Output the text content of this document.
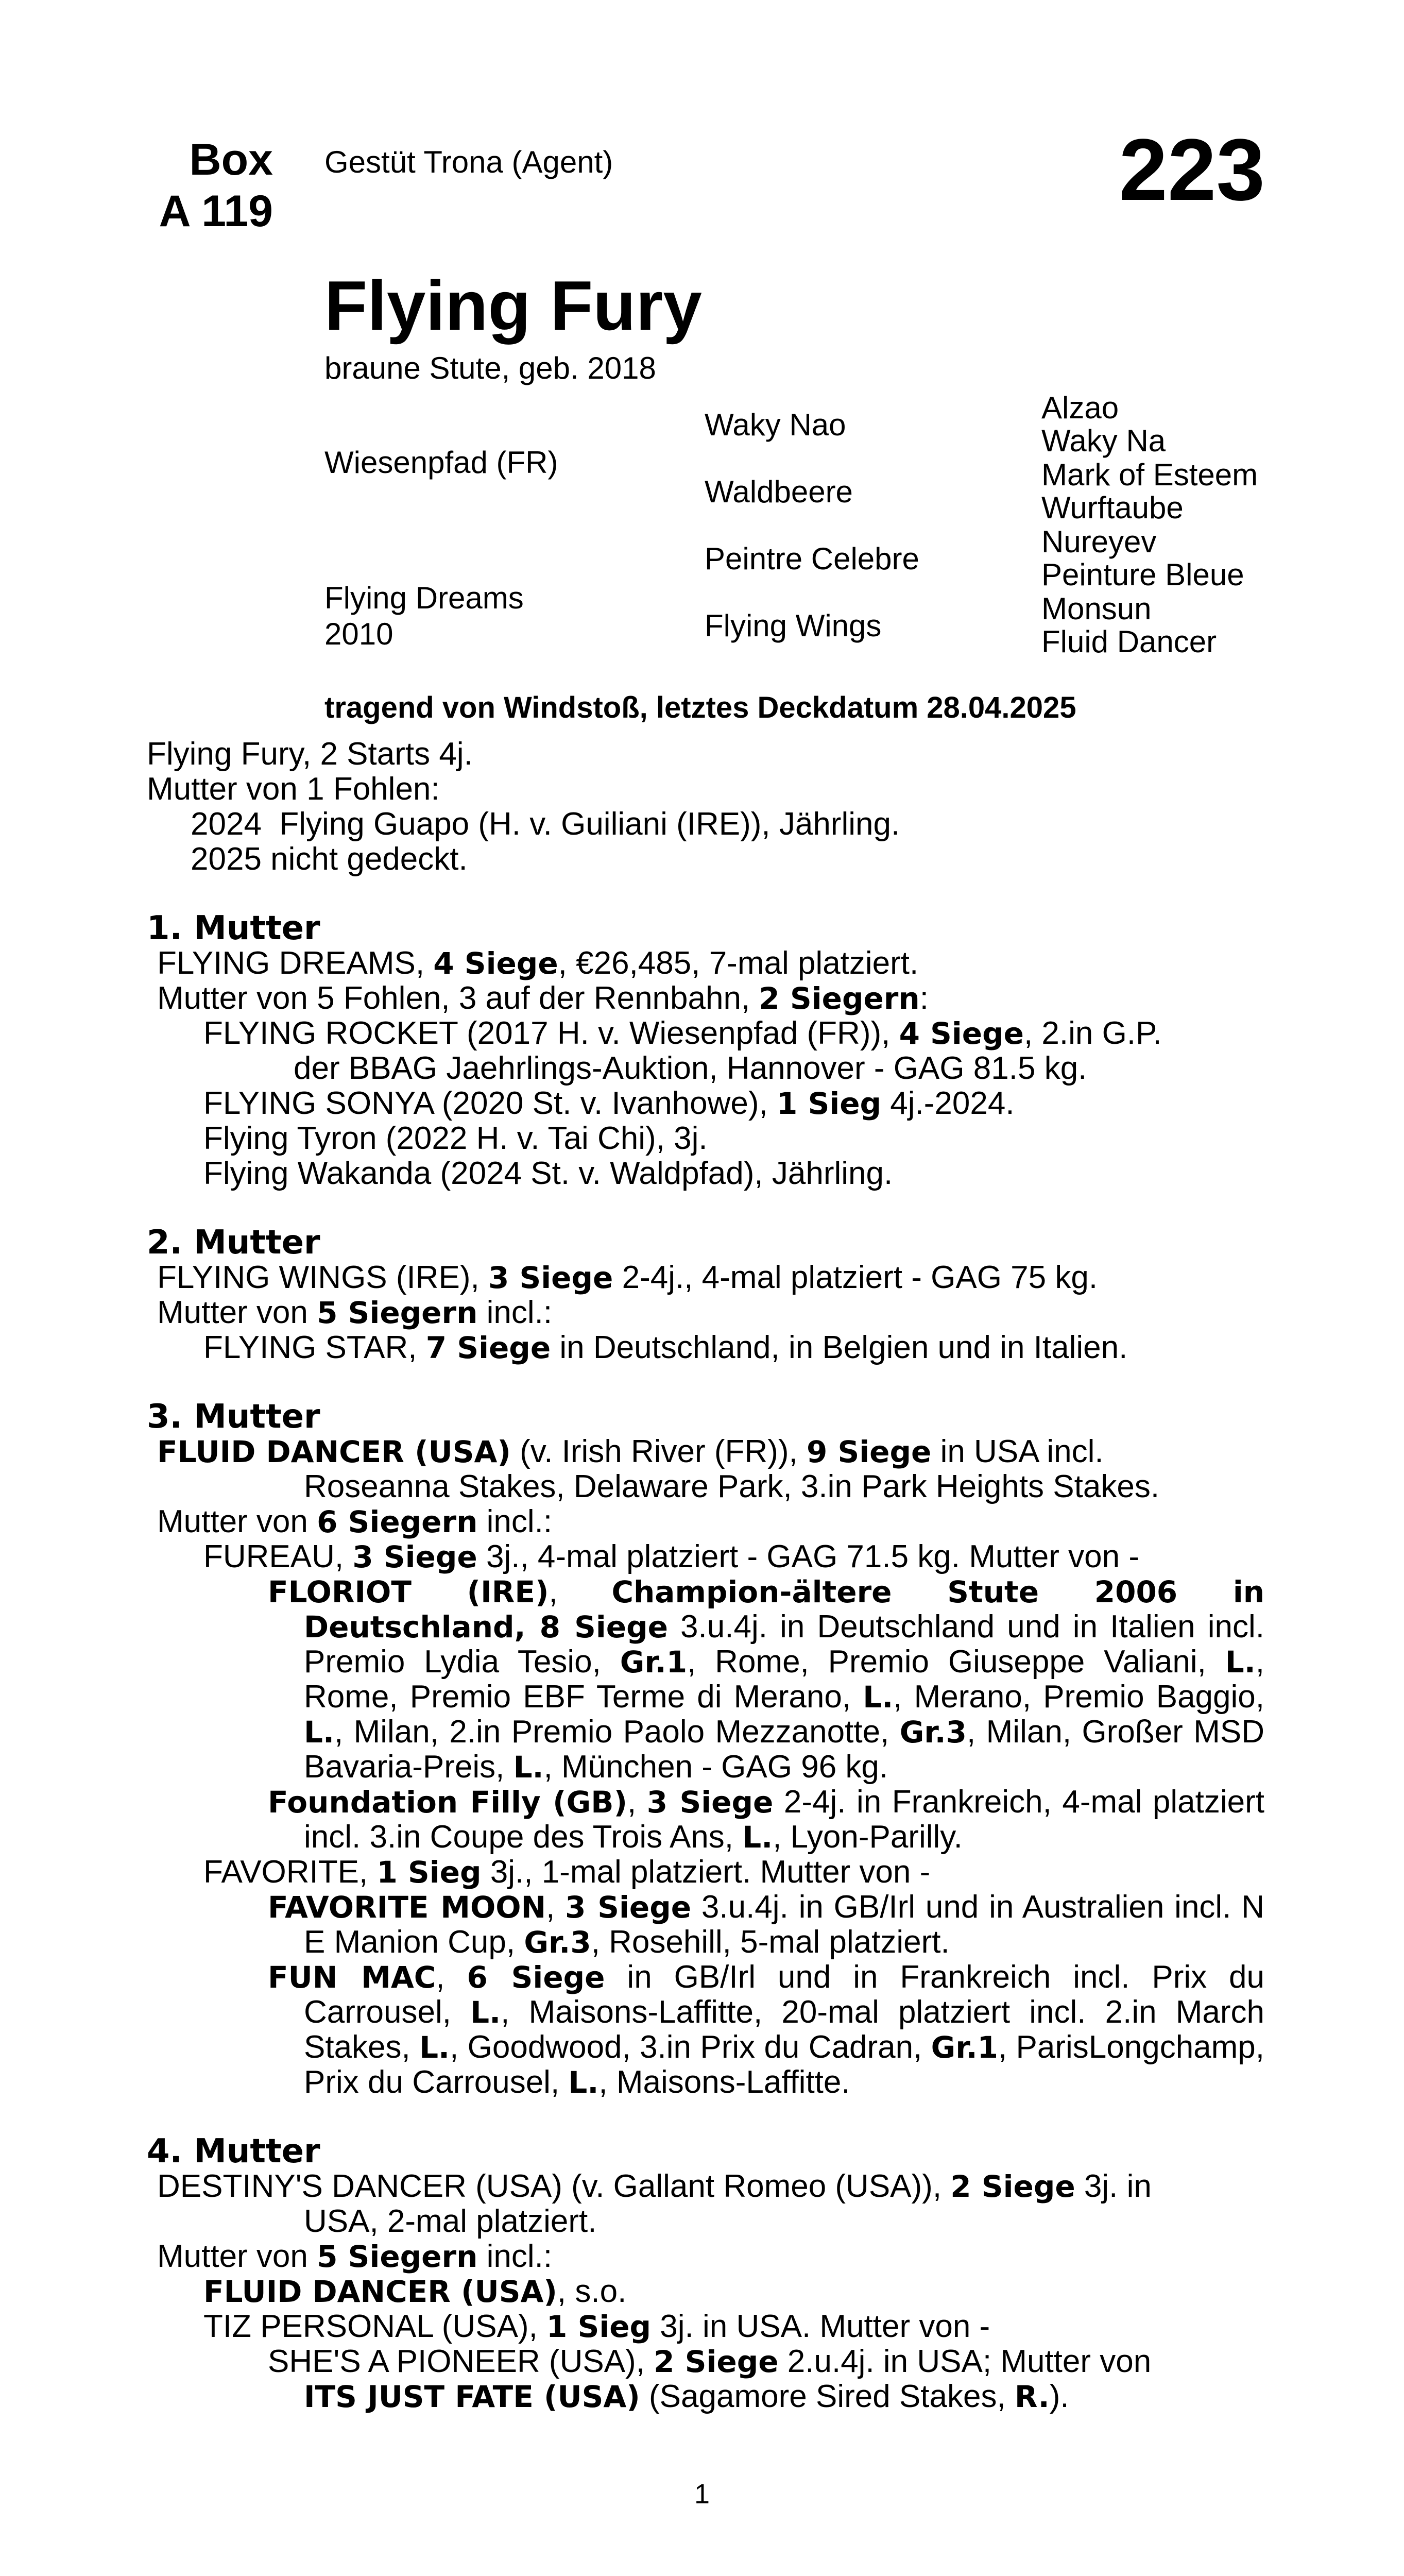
Box
A 119
Gestüt Trona (Agent)	223
Flying Fury
braune Stute, geb. 2018
Wiesenpfad (FR)
Flying Dreams
2010
Waky Nao
Waldbeere
Peintre Celebre
Flying Wings
Alzao
Waky Na
Mark of Esteem
Wurftaube
Nureyev
Peinture Bleue
Monsun
Fluid Dancer
tragend von Windstoß, letztes Deckdatum 28.04.2025

Flying Fury, 2 Starts 4j.

Mutter von 1 Fohlen:

2024 Flying Guapo (H. v. Guiliani (IRE)), Jährling.

2025 nicht gedeckt.

1. Mutter

FLYING DREAMS, 4 Siege, €26,485, 7-mal platziert.

Mutter von 5 Fohlen, 3 auf der Rennbahn, 2 Siegern:

FLYING ROCKET (2017 H. v. Wiesenpfad (FR)), 4 Siege, 2.in G.P.

der BBAG Jaehrlings-Auktion, Hannover - GAG 81.5 kg.

FLYING SONYA (2020 St. v. Ivanhowe), 1 Sieg 4j.-2024.

Flying Tyron (2022 H. v. Tai Chi), 3j.

Flying Wakanda (2024 St. v. Waldpfad), Jährling.

2. Mutter

FLYING WINGS (IRE), 3 Siege 2-4j., 4-mal platziert - GAG 75 kg.

Mutter von 5 Siegern incl.:

FLYING STAR, 7 Siege in Deutschland, in Belgien und in Italien.

3. Mutter

FLUID DANCER (USA) (v. Irish River (FR)), 9 Siege in USA incl.

Roseanna Stakes, Delaware Park, 3.in Park Heights Stakes.

Mutter von 6 Siegern incl.:

FUREAU, 3 Siege 3j., 4-mal platziert - GAG 71.5 kg. Mutter von -

FLORIOT (IRE), Champion-ältere Stute 2006 in Deutschland, 8 Siege 3.u.4j. in Deutschland und in Italien incl. Premio Lydia Tesio, Gr.1, Rome, Premio Giuseppe Valiani, L., Rome, Premio EBF Terme di Merano, L., Merano, Premio Baggio, L., Milan, 2.in Premio Paolo Mezzanotte, Gr.3, Milan, Großer MSD Bavaria-Preis, L., München - GAG 96 kg.

Foundation Filly (GB), 3 Siege 2-4j. in Frankreich, 4-mal platziert incl. 3.in Coupe des Trois Ans, L., Lyon-Parilly.

FAVORITE, 1 Sieg 3j., 1-mal platziert. Mutter von -

FAVORITE MOON, 3 Siege 3.u.4j. in GB/Irl und in Australien incl. N E Manion Cup, Gr.3, Rosehill, 5-mal platziert.

FUN MAC, 6 Siege in GB/Irl und in Frankreich incl. Prix du Carrousel, L., Maisons-Laffitte, 20-mal platziert incl. 2.in March Stakes, L., Goodwood, 3.in Prix du Cadran, Gr.1, ParisLongchamp, Prix du Carrousel, L., Maisons-Laffitte.

4. Mutter

DESTINY'S DANCER (USA) (v. Gallant Romeo (USA)), 2 Siege 3j. in

USA, 2-mal platziert.

Mutter von 5 Siegern incl.:

FLUID DANCER (USA), s.o.

TIZ PERSONAL (USA), 1 Sieg 3j. in USA. Mutter von -

SHE'S A PIONEER (USA), 2 Siege 2.u.4j. in USA; Mutter von

ITS JUST FATE (USA) (Sagamore Sired Stakes, R.).

1
